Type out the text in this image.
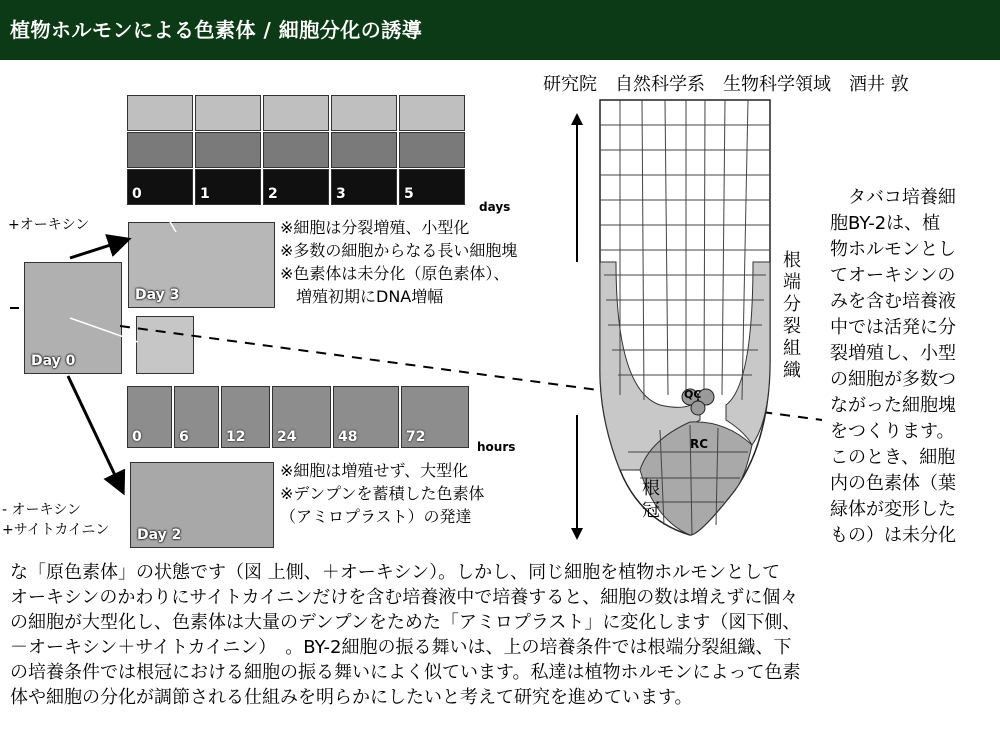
植物ホルモンによる色素体 / 細胞分化の誘導
研究院　自然科学系　生物科学領域　酒井 敦
0	1	2	3	5
days
+オーキシン
- オーキシン
+サイトカイニン
Day 0
Day 3
Day 2
0	6	12 24	48	72
hours
※細胞は分裂増殖、小型化
※多数の細胞からなる長い細胞塊
※色素体は未分化（原色素体）、
　増殖初期にDNA増幅
※細胞は増殖せず、大型化
※デンプンを蓄積した色素体
（アミロプラスト）の発達
QC
RC
根
端
分
裂
組
織
根
冠
タバコ培養細
胞BY-2は、植
物ホルモンとし
てオーキシンの
みを含む培養液
中では活発に分
裂増殖し、小型
の細胞が多数つ
ながった細胞塊
をつくります。
このとき、細胞
内の色素体（葉
緑体が変形した
もの）は未分化
な「原色素体」の状態です（図 上側、＋オーキシン）。しかし、同じ細胞を植物ホルモンとして
オーキシンのかわりにサイトカイニンだけを含む培養液中で培養すると、細胞の数は増えずに個々
の細胞が大型化し、色素体は大量のデンプンをためた「アミロプラスト」に変化します（図下側、
－オーキシン＋サイトカイニン）　。BY-2細胞の振る舞いは、上の培養条件では根端分裂組織、下
の培養条件では根冠における細胞の振る舞いによく似ています。私達は植物ホルモンによって色素
体や細胞の分化が調節される仕組みを明らかにしたいと考えて研究を進めています。
